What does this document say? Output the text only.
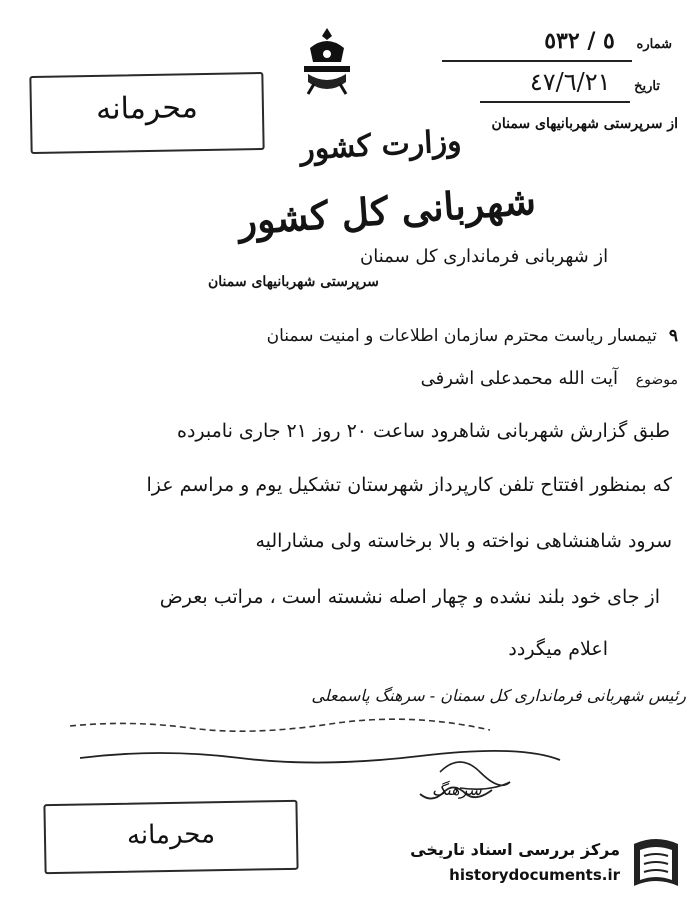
شماره ٥ / ٥٣۲
تاریخ ٤٧/٦/٢١
از سرپرستی شهربانیهای سمنان
محرمانه
وزارت کشور
شهربانی کل کشور
از شهربانی فرمانداری کل سمنان
سرپرستی شهربانیهای سمنان
٩تیمسار ریاست محترم سازمان اطلاعات و امنیت سمنان
موضوع آیت الله محمدعلی اشرفی
طبق گزارش شهربانی شاهرود ساعت ۲۰ روز ۲۱ جاری نامبرده
که بمنظور افتتاح تلفن کارپرداز شهرستان تشکیل یوم و مراسم عزا
سرود شاهنشاهی نواخته و بالا برخاسته ولی مشارالیه
از جای خود بلند نشده و چهار اصله نشسته است ، مراتب بعرض
اعلام میگردد
رئیس شهربانی فرمانداری کل سمنان - سرهنگ پاسمعلی
سرهنگ
محرمانه	مرکز بررسی اسناد تاریخی
historydocuments.ir
